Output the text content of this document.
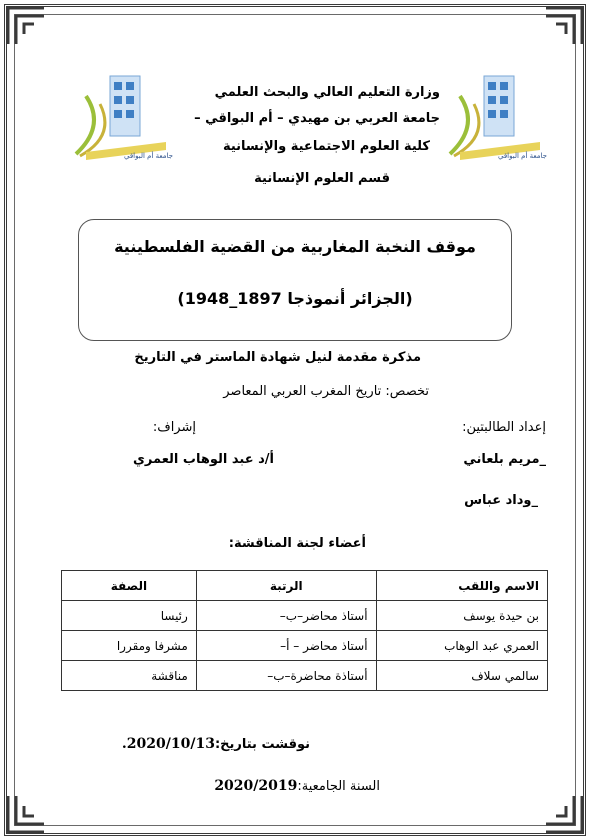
جامعة أم البواقي	جامعة أم البواقي
وزارة التعليم العالي والبحث العلمي
جامعة العربي بن مهيدي – أم البواقي –
كلية العلوم الاجتماعية والإنسانية
قسم العلوم الإنسانية
موقف النخبة المغاربية من القضية الفلسطينية
(الجزائر أنموذجا 1897_1948)
مذكرة مقدمة لنيل شهادة الماستر في التاريخ
تخصص: تاريخ المغرب العربي المعاصر
إعداد الطالبتين:
إشراف:
_مريم بلعاني
أ/د عبد الوهاب العمري
_وداد عباس
أعضاء لجنة المناقشة:
الاسم واللقب	الرتبة	الصفة
بن حيدة يوسف	أستاذ محاضر–ب–	رئيسا
العمري عبد الوهاب	أستاذ محاضر – أ–	مشرفا ومقررا
سالمي سلاف	أستاذة محاضرة–ب–	مناقشة
نوقشت بتاريخ:2020/10/13.
السنة الجامعية:2020/2019
